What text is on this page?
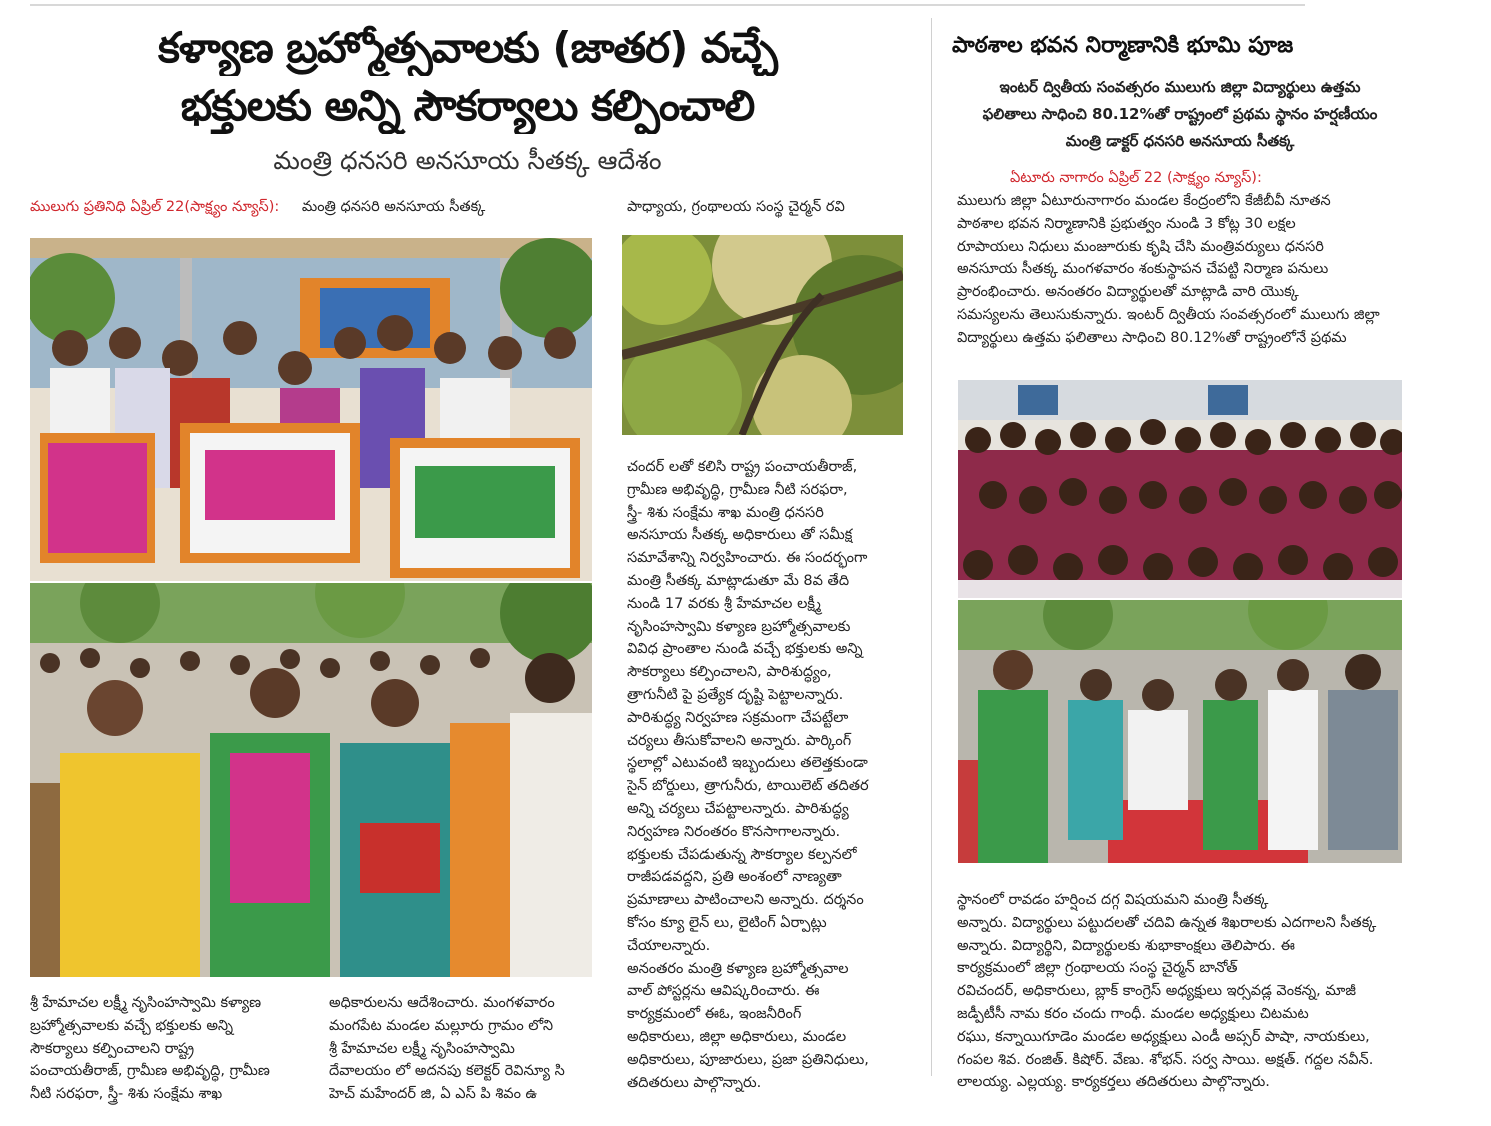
కళ్యాణ బ్రహ్మోత్సవాలకు (జాతర) వచ్చే
భక్తులకు అన్ని సౌకర్యాలు కల్పించాలి
మంత్రి ధనసరి అనసూయ సీతక్క ఆదేశం
ములుగు ప్రతినిధి ఏప్రిల్ 22(సాక్ష్యం న్యూస్): మంత్రి ధనసరి అనసూయ సీతక్క	పాధ్యాయ, గ్రంథాలయ సంస్థ చైర్మన్ రవి
శ్రీ హేమాచల లక్ష్మీ నృసింహస్వామి కళ్యాణ
బ్రహ్మోత్సవాలకు వచ్చే భక్తులకు అన్ని
సౌకర్యాలు కల్పించాలని రాష్ట్ర
పంచాయతీరాజ్, గ్రామీణ అభివృద్ధి, గ్రామీణ
నీటి సరఫరా, స్త్రీ- శిశు సంక్షేమ శాఖ
అధికారులను ఆదేశించారు. మంగళవారం
మంగపేట మండల మల్లూరు గ్రామం లోని
శ్రీ హేమాచల లక్ష్మీ నృసింహస్వామి
దేవాలయం లో అదనపు కలెక్టర్ రెవిన్యూ సి
హెచ్ మహేందర్ జి, ఏ ఎస్ పి శివం ఉ
చందర్ లతో కలిసి రాష్ట్ర పంచాయతీరాజ్,
గ్రామీణ అభివృద్ధి, గ్రామీణ నీటి సరఫరా,
స్త్రీ- శిశు సంక్షేమ శాఖ మంత్రి ధనసరి
అనసూయ సీతక్క అధికారులు తో సమీక్ష
సమావేశాన్ని నిర్వహించారు. ఈ సందర్భంగా
మంత్రి సీతక్క మాట్లాడుతూ మే 8వ తేది
నుండి 17 వరకు శ్రీ హేమాచల లక్ష్మీ
నృసింహస్వామి కళ్యాణ బ్రహ్మోత్సవాలకు
వివిధ ప్రాంతాల నుండి వచ్చే భక్తులకు అన్ని
సౌకర్యాలు కల్పించాలని, పారిశుద్ధ్యం,
త్రాగునీటి పై ప్రత్యేక దృష్టి పెట్టాలన్నారు.
పారిశుద్ధ్య నిర్వహణ సక్రమంగా చేపట్టేలా
చర్యలు తీసుకోవాలని అన్నారు. పార్కింగ్
స్థలాల్లో ఎటువంటి ఇబ్బందులు తలెత్తకుండా
సైన్ బోర్డులు, త్రాగునీరు, టాయిలెట్ తదితర
అన్ని చర్యలు చేపట్టాలన్నారు. పారిశుద్ధ్య
నిర్వహణ నిరంతరం కొనసాగాలన్నారు.
భక్తులకు చేపడుతున్న సౌకర్యాల కల్పనలో
రాజీపడవద్దని, ప్రతి అంశంలో నాణ్యతా
ప్రమాణాలు పాటించాలని అన్నారు. దర్శనం
కోసం క్యూ లైన్ లు, లైటింగ్ ఏర్పాట్లు
చేయాలన్నారు.
అనంతరం మంత్రి కళ్యాణ బ్రహ్మోత్సవాల
వాల్ పోస్టర్లను ఆవిష్కరించారు. ఈ
కార్యక్రమంలో ఈఓ, ఇంజనీరింగ్
అధికారులు, జిల్లా అధికారులు, మండల
అధికారులు, పూజారులు, ప్రజా ప్రతినిధులు,
తదితరులు పాల్గొన్నారు.
పాఠశాల భవన నిర్మాణానికి భూమి పూజ
ఇంటర్ ద్వితీయ సంవత్సరం ములుగు జిల్లా విద్యార్థులు ఉత్తమ
ఫలితాలు సాధించి 80.12%తో రాష్ట్రంలో ప్రథమ స్థానం హర్షణీయం
మంత్రి డాక్టర్ ధనసరి అనసూయ సీతక్క
ఏటూరు నాగారం ఏప్రిల్ 22 (సాక్ష్యం న్యూస్):
ములుగు జిల్లా ఏటూరునాగారం మండల కేంద్రంలోని కేజీబీవీ నూతన
పాఠశాల భవన నిర్మాణానికి ప్రభుత్వం నుండి 3 కోట్ల 30 లక్షల
రూపాయలు నిధులు మంజూరుకు కృషి చేసి మంత్రివర్యులు ధనసరి
అనసూయ సీతక్క మంగళవారం శంకుస్థాపన చేపట్టి నిర్మాణ పనులు
ప్రారంభించారు. అనంతరం విద్యార్థులతో మాట్లాడి వారి యొక్క
సమస్యలను తెలుసుకున్నారు. ఇంటర్ ద్వితీయ సంవత్సరంలో ములుగు జిల్లా
విద్యార్థులు ఉత్తమ ఫలితాలు సాధించి 80.12%తో రాష్ట్రంలోనే ప్రథమ
స్థానంలో రావడం హర్షించ దగ్గ విషయమని మంత్రి సీతక్క
అన్నారు. విద్యార్థులు పట్టుదలతో చదివి ఉన్నత శిఖరాలకు ఎదగాలని సీతక్క
అన్నారు. విద్యార్థిని, విద్యార్థులకు శుభాకాంక్షలు తెలిపారు. ఈ
కార్యక్రమంలో జిల్లా గ్రంథాలయ సంస్థ చైర్మన్ బానోత్
రవిచందర్, అధికారులు, బ్లాక్ కాంగ్రెస్ అధ్యక్షులు ఇర్సవడ్ల వెంకన్న, మాజీ
జడ్పీటీసీ నామ కరం చందు గాంధీ. మండల అధ్యక్షులు చిటమట
రఘు, కన్నాయిగూడెం మండల అధ్యక్షులు ఎండీ అప్సర్ పాషా, నాయకులు,
గంపల శివ. రంజిత్. కిషోర్. వేణు. శోభన్. సర్వ సాయి. అక్షత్. గద్దల నవీన్.
లాలయ్య. ఎల్లయ్య. కార్యకర్తలు తదితరులు పాల్గొన్నారు.
